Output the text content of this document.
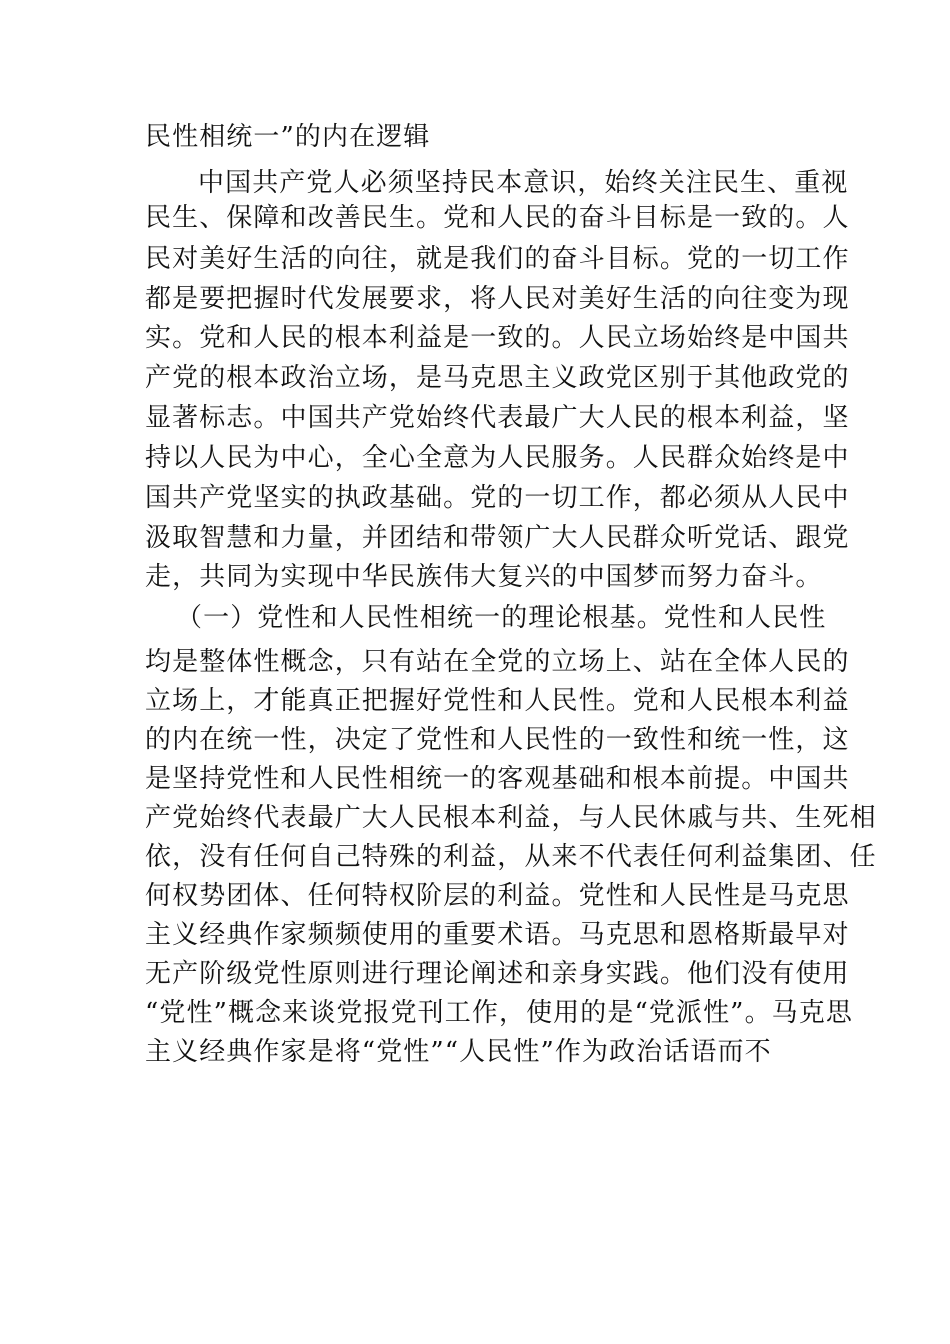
民性相统一”的内在逻辑
中国共产党人必须坚持民本意识，始终关注民生、重视
民生、保障和改善民生。党和人民的奋斗目标是一致的。人
民对美好生活的向往，就是我们的奋斗目标。党的一切工作
都是要把握时代发展要求，将人民对美好生活的向往变为现
实。党和人民的根本利益是一致的。人民立场始终是中国共
产党的根本政治立场，是马克思主义政党区别于其他政党的
显著标志。中国共产党始终代表最广大人民的根本利益，坚
持以人民为中心，全心全意为人民服务。人民群众始终是中
国共产党坚实的执政基础。党的一切工作，都必须从人民中
汲取智慧和力量，并团结和带领广大人民群众听党话、跟党
走，共同为实现中华民族伟大复兴的中国梦而努力奋斗。
（一）党性和人民性相统一的理论根基。党性和人民性
均是整体性概念，只有站在全党的立场上、站在全体人民的
立场上，才能真正把握好党性和人民性。党和人民根本利益
的内在统一性，决定了党性和人民性的一致性和统一性，这
是坚持党性和人民性相统一的客观基础和根本前提。中国共
产党始终代表最广大人民根本利益，与人民休戚与共、生死相
依，没有任何自己特殊的利益，从来不代表任何利益集团、任
何权势团体、任何特权阶层的利益。党性和人民性是马克思
主义经典作家频频使用的重要术语。马克思和恩格斯最早对
无产阶级党性原则进行理论阐述和亲身实践。他们没有使用
“党性”概念来谈党报党刊工作，使用的是“党派性”。马克思
主义经典作家是将“党性”“人民性”作为政治话语而不
